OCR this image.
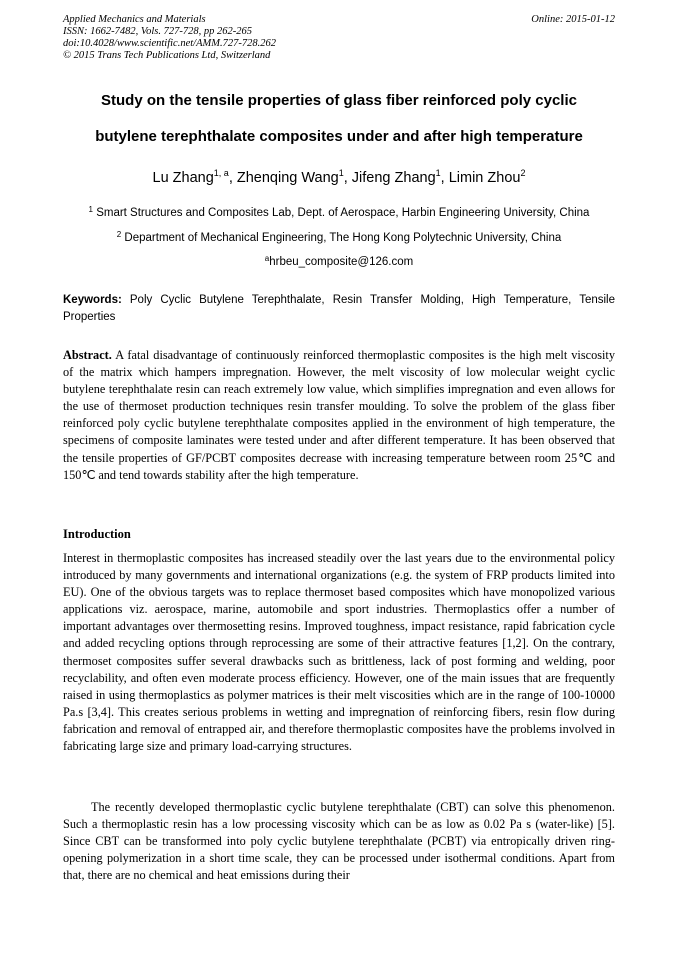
Applied Mechanics and Materials
ISSN: 1662-7482, Vols. 727-728, pp 262-265
doi:10.4028/www.scientific.net/AMM.727-728.262
© 2015 Trans Tech Publications Ltd, Switzerland
Online: 2015-01-12
Study on the tensile properties of glass fiber reinforced poly cyclic
butylene terephthalate composites under and after high temperature
Lu Zhang$^{1, a}$, Zhenqing Wang$^1$, Jifeng Zhang$^1$, Limin Zhou$^2$
$^1$ Smart Structures and Composites Lab, Dept. of Aerospace, Harbin Engineering University, China
$^2$ Department of Mechanical Engineering, The Hong Kong Polytechnic University, China
$^a$hrbeu_composite@126.com
Keywords: Poly Cyclic Butylene Terephthalate, Resin Transfer Molding, High Temperature, Tensile Properties

Abstract. A fatal disadvantage of continuously reinforced thermoplastic composites is the high melt viscosity of the matrix which hampers impregnation. However, the melt viscosity of low molecular weight cyclic butylene terephthalate resin can reach extremely low value, which simplifies impregnation and even allows for the use of thermoset production techniques resin transfer moulding. To solve the problem of the glass fiber reinforced poly cyclic butylene terephthalate composites applied in the environment of high temperature, the specimens of composite laminates were tested under and after different temperature. It has been observed that the tensile properties of GF/PCBT composites decrease with increasing temperature between room 25℃ and 150℃ and tend towards stability after the high temperature.

Introduction

Interest in thermoplastic composites has increased steadily over the last years due to the environmental policy introduced by many governments and international organizations (e.g. the system of FRP products limited into EU). One of the obvious targets was to replace thermoset based composites which have monopolized various applications viz. aerospace, marine, automobile and sport industries. Thermoplastics offer a number of important advantages over thermosetting resins. Improved toughness, impact resistance, rapid fabrication cycle and added recycling options through reprocessing are some of their attractive features [1,2]. On the contrary, thermoset composites suffer several drawbacks such as brittleness, lack of post forming and welding, poor recyclability, and often even moderate process efficiency. However, one of the main issues that are frequently raised in using thermoplastics as polymer matrices is their melt viscosities which are in the range of 100-10000 Pa.s [3,4]. This creates serious problems in wetting and impregnation of reinforcing fibers, resin flow during fabrication and removal of entrapped air, and therefore thermoplastic composites have the problems involved in fabricating large size and primary load-carrying structures.

The recently developed thermoplastic cyclic butylene terephthalate (CBT) can solve this phenomenon. Such a thermoplastic resin has a low processing viscosity which can be as low as 0.02 Pa s (water-like) [5]. Since CBT can be transformed into poly cyclic butylene terephthalate (PCBT) via entropically driven ring-opening polymerization in a short time scale, they can be processed under isothermal conditions. Apart from that, there are no chemical and heat emissions during their
